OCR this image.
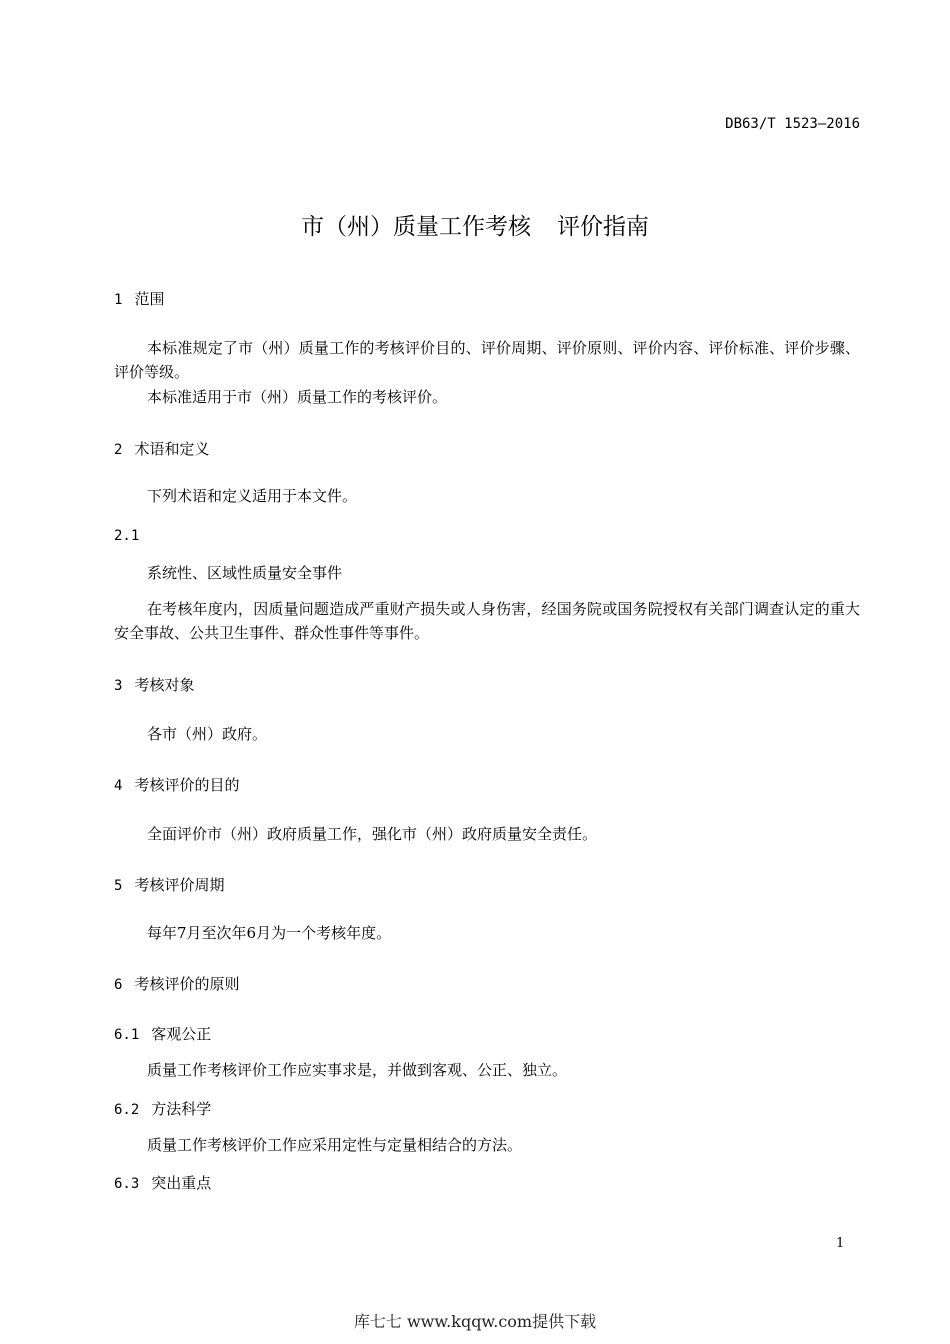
DB63/T 1523—2016
市（州）质量工作考核 评价指南
1 范围
本标准规定了市（州）质量工作的考核评价目的、评价周期、评价原则、评价内容、评价标准、评价步骤、评价等级。
本标准适用于市（州）质量工作的考核评价。
2 术语和定义
下列术语和定义适用于本文件。
2.1
系统性、区域性质量安全事件
在考核年度内，因质量问题造成严重财产损失或人身伤害，经国务院或国务院授权有关部门调查认定的重大安全事故、公共卫生事件、群众性事件等事件。
3 考核对象
各市（州）政府。
4 考核评价的目的
全面评价市（州）政府质量工作，强化市（州）政府质量安全责任。
5 考核评价周期
每年7月至次年6月为一个考核年度。
6 考核评价的原则
6.1 客观公正
质量工作考核评价工作应实事求是，并做到客观、公正、独立。
6.2 方法科学
质量工作考核评价工作应采用定性与定量相结合的方法。
6.3 突出重点
1
库七七 www.kqqw.com提供下载
